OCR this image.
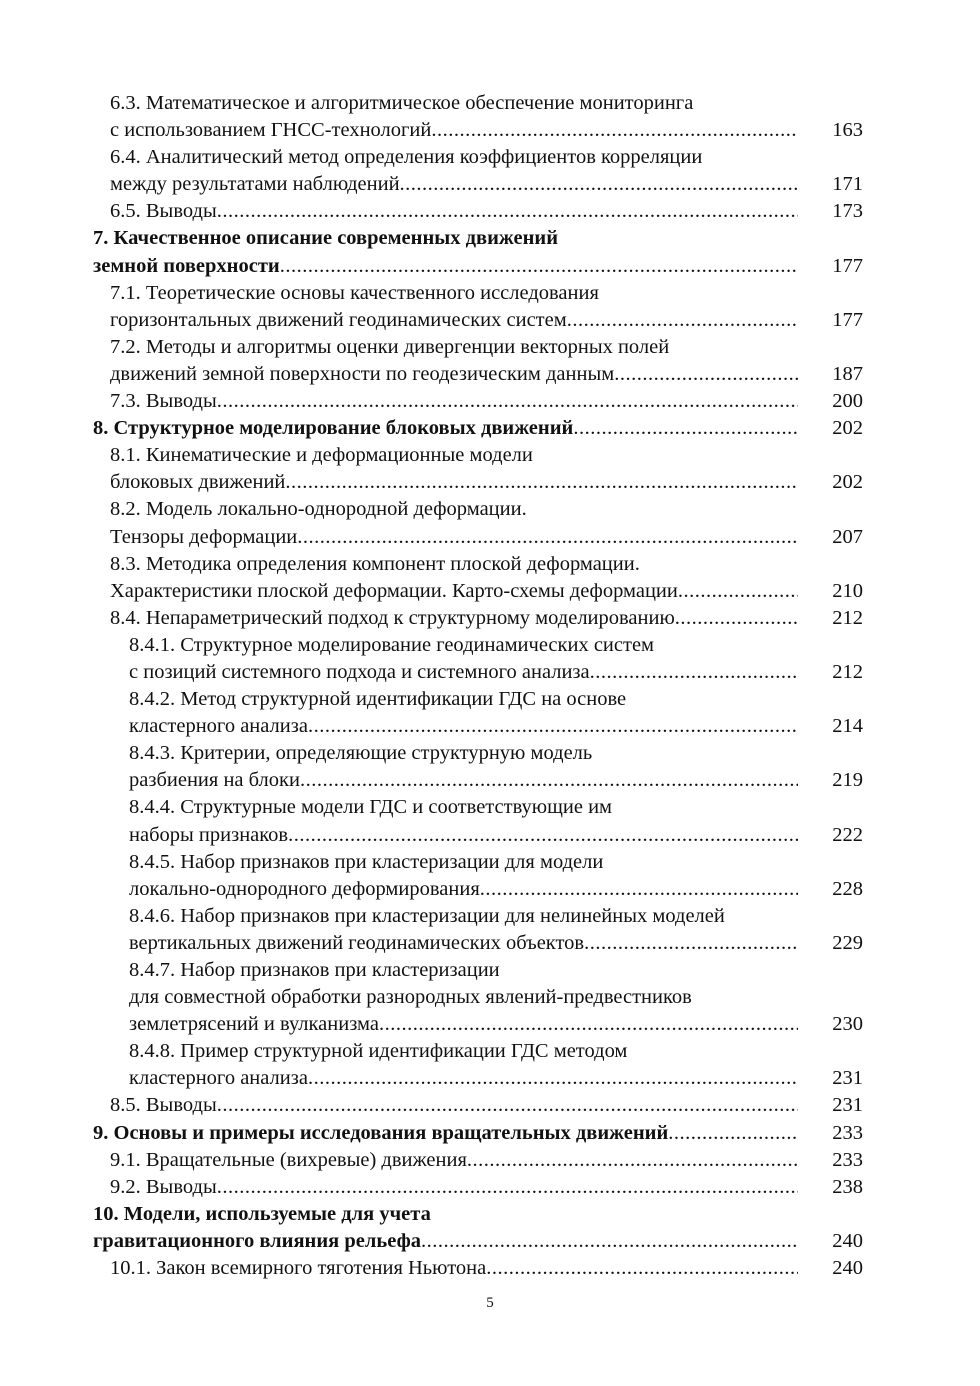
6.3. Математическое и алгоритмическое обеспечение мониторинга
с использованием ГНСС-технологий .....	163
6.4. Аналитический метод определения коэффициентов корреляции
между результатами наблюдений .....	171
6.5. Выводы .....	173
7. Качественное описание современных движений
земной поверхности .....	177
7.1. Теоретические основы качественного исследования
горизонтальных движений геодинамических систем .....	177
7.2. Методы и алгоритмы оценки дивергенции векторных полей
движений земной поверхности по геодезическим данным .....	187
7.3. Выводы .....	200
8. Структурное моделирование блоковых движений .....	202
8.1. Кинематические и деформационные модели
блоковых движений .....	202
8.2. Модель локально-однородной деформации.
Тензоры деформации .....	207
8.3. Методика определения компонент плоской деформации.
Характеристики плоской деформации. Карто-схемы деформации .....	210
8.4. Непараметрический подход к структурному моделированию .....	212
8.4.1. Структурное моделирование геодинамических систем
с позиций системного подхода и системного анализа .....	212
8.4.2. Метод структурной идентификации ГДС на основе
кластерного анализа .....	214
8.4.3. Критерии, определяющие структурную модель
разбиения на блоки .....	219
8.4.4. Структурные модели ГДС и соответствующие им
наборы признаков .....	222
8.4.5. Набор признаков при кластеризации для модели
локально-однородного деформирования .....	228
8.4.6. Набор признаков при кластеризации для нелинейных моделей
вертикальных движений геодинамических объектов .....	229
8.4.7. Набор признаков при кластеризации
для совместной обработки разнородных явлений-предвестников
землетрясений и вулканизма .....	230
8.4.8. Пример структурной идентификации ГДС методом
кластерного анализа .....	231
8.5. Выводы .....	231
9. Основы и примеры исследования вращательных движений .....	233
9.1. Вращательные (вихревые) движения .....	233
9.2. Выводы .....	238
10. Модели, используемые для учета
гравитационного влияния рельефа .....	240
10.1. Закон всемирного тяготения Ньютона .....	240
5
